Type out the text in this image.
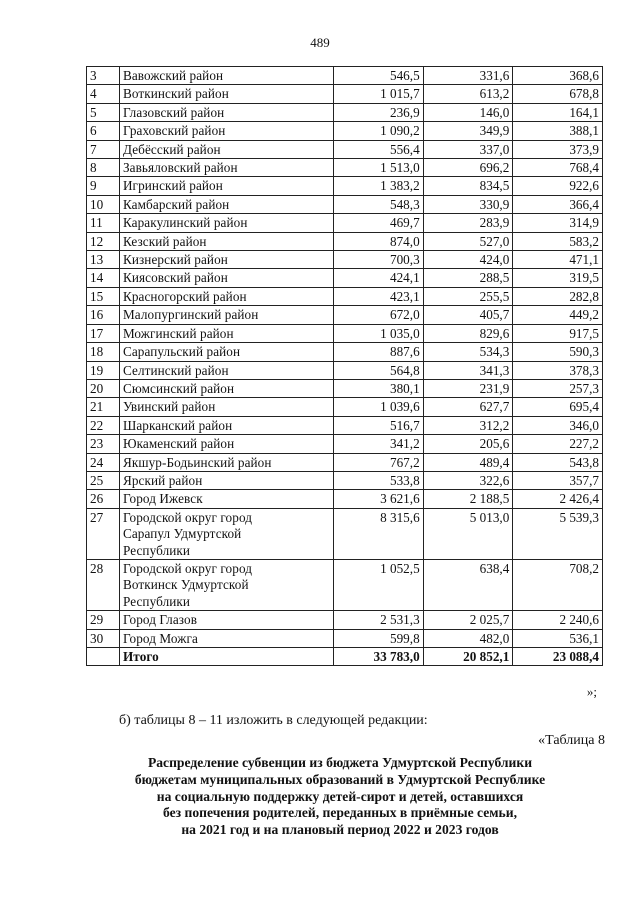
489
3	Вавожский район	546,5	331,6	368,6
4	Воткинский район	1 015,7	613,2	678,8
5	Глазовский район	236,9	146,0	164,1
6	Граховский район	1 090,2	349,9	388,1
7	Дебёсский район	556,4	337,0	373,9
8	Завьяловский район	1 513,0	696,2	768,4
9	Игринский район	1 383,2	834,5	922,6
10	Камбарский район	548,3	330,9	366,4
11	Каракулинский район	469,7	283,9	314,9
12	Кезский район	874,0	527,0	583,2
13	Кизнерский район	700,3	424,0	471,1
14	Киясовский район	424,1	288,5	319,5
15	Красногорский район	423,1	255,5	282,8
16	Малопургинский район	672,0	405,7	449,2
17	Можгинский район	1 035,0	829,6	917,5
18	Сарапульский район	887,6	534,3	590,3
19	Селтинский район	564,8	341,3	378,3
20	Сюмсинский район	380,1	231,9	257,3
21	Увинский район	1 039,6	627,7	695,4
22	Шарканский район	516,7	312,2	346,0
23	Юкаменский район	341,2	205,6	227,2
24	Якшур-Бодьинский район	767,2	489,4	543,8
25	Ярский район	533,8	322,6	357,7
26	Город Ижевск	3 621,6	2 188,5	2 426,4
27	Городской округ город
Сарапул Удмуртской
Республики	8 315,6	5 013,0	5 539,3
28	Городской округ город
Воткинск Удмуртской
Республики	1 052,5	638,4	708,2
29	Город Глазов	2 531,3	2 025,7	2 240,6
30	Город Можга	599,8	482,0	536,1
	Итого	33 783,0	20 852,1	23 088,4
»;
б) таблицы 8 – 11 изложить в следующей редакции:
«Таблица 8
Распределение субвенции из бюджета Удмуртской Республики
бюджетам муниципальных образований в Удмуртской Республике
на социальную поддержку детей-сирот и детей, оставшихся
без попечения родителей, переданных в приёмные семьи,
на 2021 год и на плановый период 2022 и 2023 годов
